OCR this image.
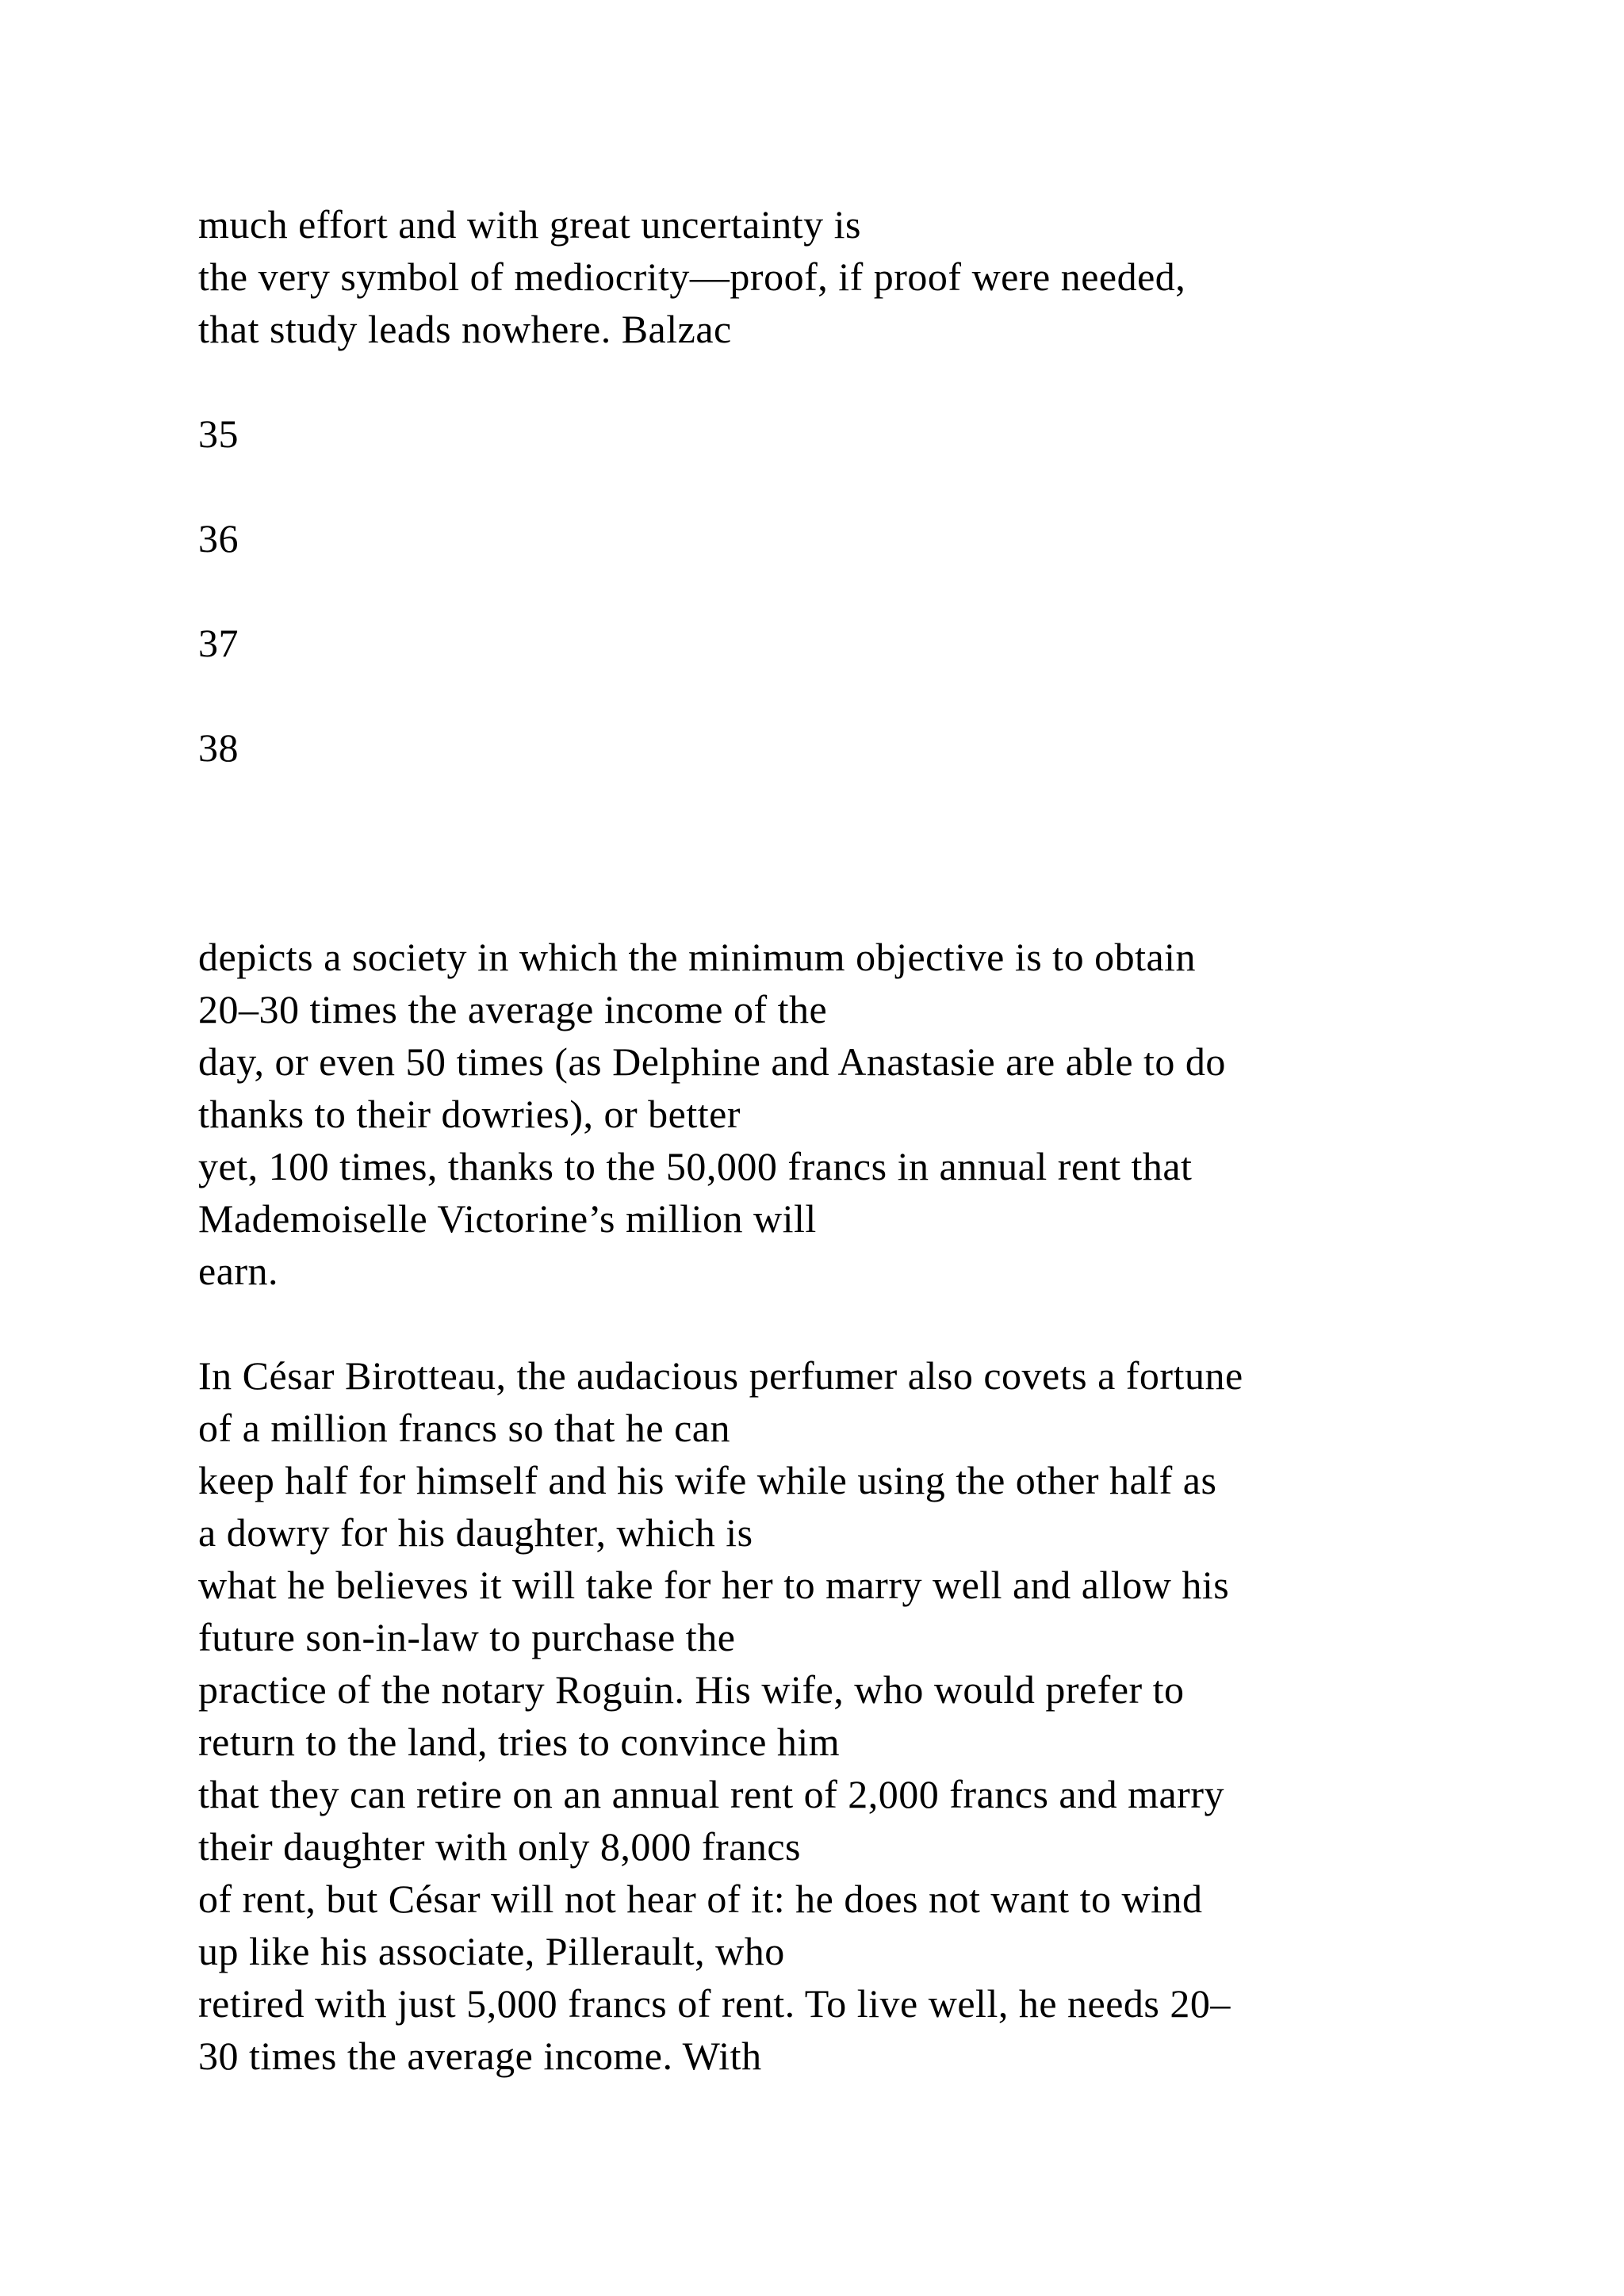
much effort and with great uncertainty is

the very symbol of mediocrity—proof, if proof were needed,

that study leads nowhere. Balzac

35

36

37

38

depicts a society in which the minimum objective is to obtain

20–30 times the average income of the

day, or even 50 times (as Delphine and Anastasie are able to do

thanks to their dowries), or better

yet, 100 times, thanks to the 50,000 francs in annual rent that

Mademoiselle Victorine’s million will

earn.

In César Birotteau, the audacious perfumer also covets a fortune

of a million francs so that he can

keep half for himself and his wife while using the other half as

a dowry for his daughter, which is

what he believes it will take for her to marry well and allow his

future son-in-law to purchase the

practice of the notary Roguin. His wife, who would prefer to

return to the land, tries to convince him

that they can retire on an annual rent of 2,000 francs and marry

their daughter with only 8,000 francs

of rent, but César will not hear of it: he does not want to wind

up like his associate, Pillerault, who

retired with just 5,000 francs of rent. To live well, he needs 20–

30 times the average income. With
